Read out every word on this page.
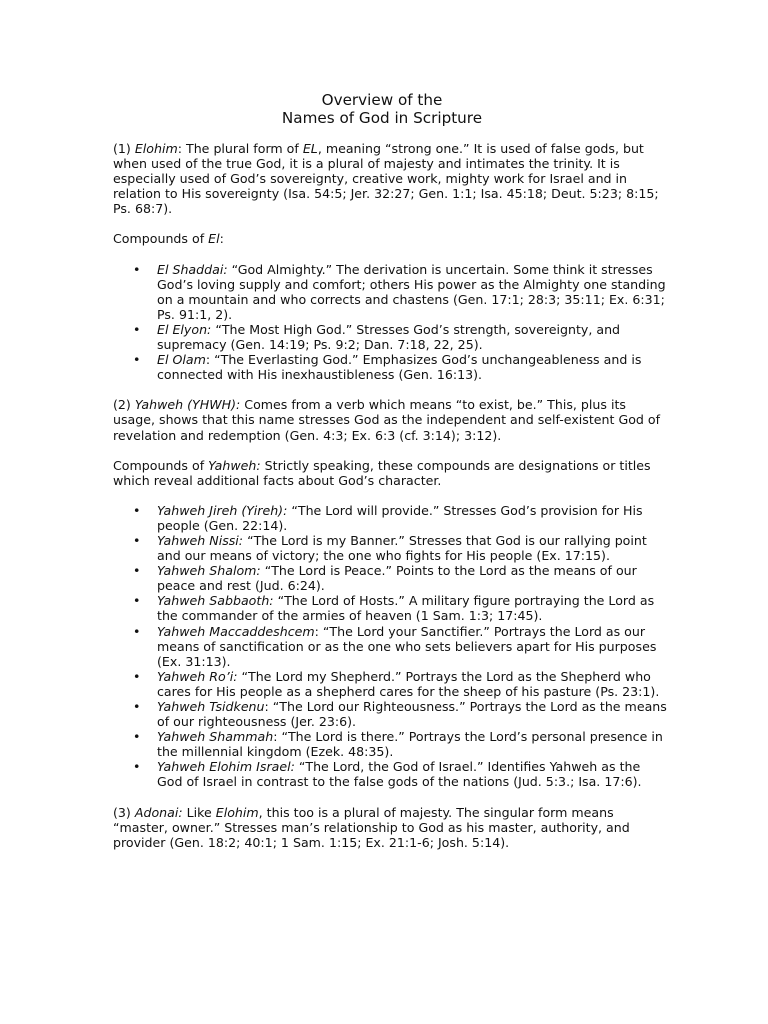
Overview of the
Names of God in Scripture

(1) Elohim: The plural form of EL, meaning “strong one.” It is used of false gods, but when used of the true God, it is a plural of majesty and intimates the trinity. It is especially used of God’s sovereignty, creative work, mighty work for Israel and in relation to His sovereignty (Isa. 54:5; Jer. 32:27; Gen. 1:1; Isa. 45:18; Deut. 5:23; 8:15; Ps. 68:7).

Compounds of El:

• El Shaddai: “God Almighty.” The derivation is uncertain. Some think it stresses God’s loving supply and comfort; others His power as the Almighty one standing on a mountain and who corrects and chastens (Gen. 17:1; 28:3; 35:11; Ex. 6:31; Ps. 91:1, 2).
• El Elyon: “The Most High God.” Stresses God’s strength, sovereignty, and supremacy (Gen. 14:19; Ps. 9:2; Dan. 7:18, 22, 25).
• El Olam: “The Everlasting God.” Emphasizes God’s unchangeableness and is connected with His inexhaustibleness (Gen. 16:13).

(2) Yahweh (YHWH): Comes from a verb which means “to exist, be.” This, plus its usage, shows that this name stresses God as the independent and self-existent God of revelation and redemption (Gen. 4:3; Ex. 6:3 (cf. 3:14); 3:12).

Compounds of Yahweh: Strictly speaking, these compounds are designations or titles which reveal additional facts about God’s character.

• Yahweh Jireh (Yireh): “The Lord will provide.” Stresses God’s provision for His people (Gen. 22:14).
• Yahweh Nissi: “The Lord is my Banner.” Stresses that God is our rallying point and our means of victory; the one who fights for His people (Ex. 17:15).
• Yahweh Shalom: “The Lord is Peace.” Points to the Lord as the means of our peace and rest (Jud. 6:24).
• Yahweh Sabbaoth: “The Lord of Hosts.” A military figure portraying the Lord as the commander of the armies of heaven (1 Sam. 1:3; 17:45).
• Yahweh Maccaddeshcem: “The Lord your Sanctifier.” Portrays the Lord as our means of sanctification or as the one who sets believers apart for His purposes (Ex. 31:13).
• Yahweh Ro’i: “The Lord my Shepherd.” Portrays the Lord as the Shepherd who cares for His people as a shepherd cares for the sheep of his pasture (Ps. 23:1).
• Yahweh Tsidkenu: “The Lord our Righteousness.” Portrays the Lord as the means of our righteousness (Jer. 23:6).
• Yahweh Shammah: “The Lord is there.” Portrays the Lord’s personal presence in the millennial kingdom (Ezek. 48:35).
• Yahweh Elohim Israel: “The Lord, the God of Israel.” Identifies Yahweh as the God of Israel in contrast to the false gods of the nations (Jud. 5:3.; Isa. 17:6).

(3) Adonai: Like Elohim, this too is a plural of majesty. The singular form means “master, owner.” Stresses man’s relationship to God as his master, authority, and provider (Gen. 18:2; 40:1; 1 Sam. 1:15; Ex. 21:1-6; Josh. 5:14).
